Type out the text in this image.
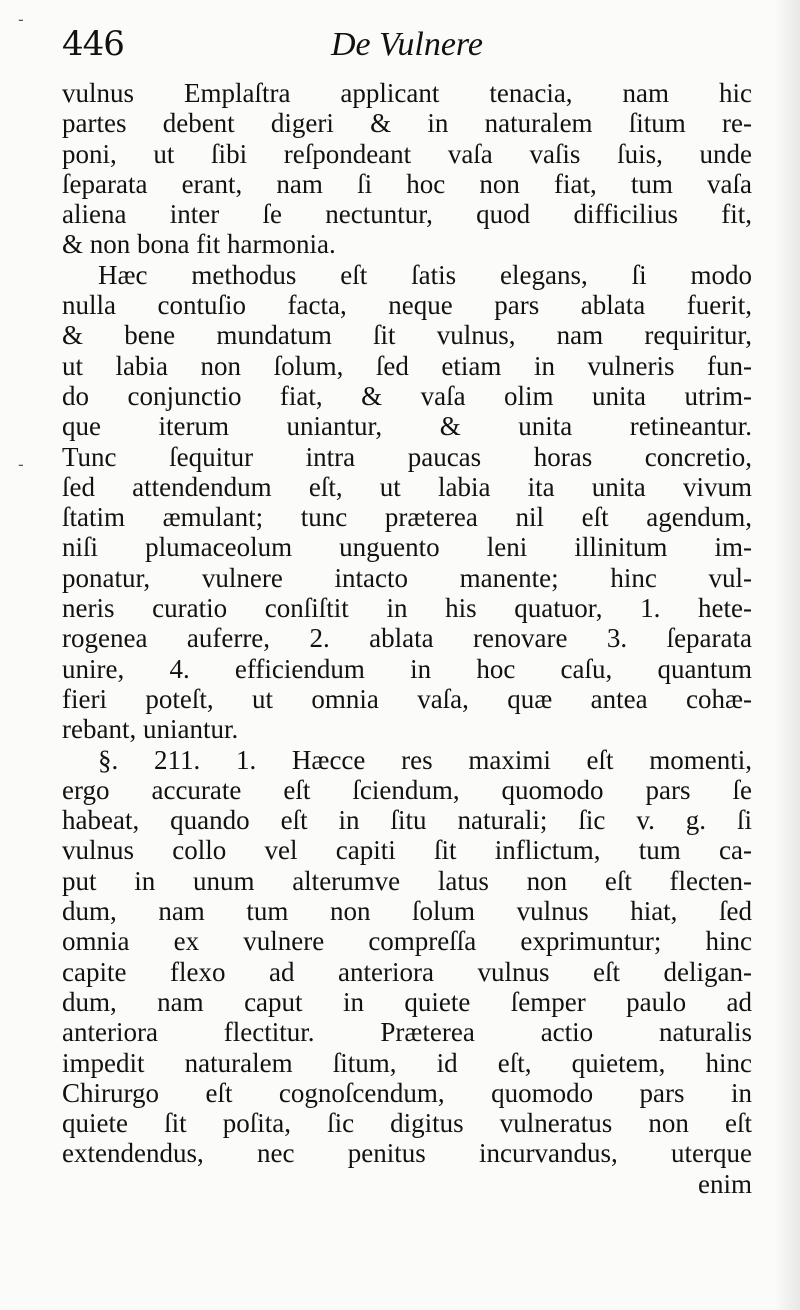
446	De Vulnere
vulnus Emplaſtra applicant tenacia, nam hic
partes debent digeri & in naturalem ſitum re-
poni, ut ſibi reſpondeant vaſa vaſis ſuis, unde
ſeparata erant, nam ſi hoc non fiat, tum vaſa
aliena inter ſe nectuntur, quod difficilius fit,
& non bona fit harmonia.
Hæc methodus eſt ſatis elegans, ſi modo
nulla contuſio facta, neque pars ablata fuerit,
& bene mundatum ſit vulnus, nam requiritur,
ut labia non ſolum, ſed etiam in vulneris fun-
do conjunctio fiat, & vaſa olim unita utrim-
que iterum uniantur, & unita retineantur.
Tunc ſequitur intra paucas horas concretio,
ſed attendendum eſt, ut labia ita unita vivum
ſtatim æmulant; tunc præterea nil eſt agendum,
niſi plumaceolum unguento leni illinitum im-
ponatur, vulnere intacto manente; hinc vul-
neris curatio conſiſtit in his quatuor, 1. hete-
rogenea auferre, 2. ablata renovare 3. ſeparata
unire, 4. efficiendum in hoc caſu, quantum
fieri poteſt, ut omnia vaſa, quæ antea cohæ-
rebant, uniantur.
§. 211. 1. Hæcce res maximi eſt momenti,
ergo accurate eſt ſciendum, quomodo pars ſe
habeat, quando eſt in ſitu naturali; ſic v. g. ſi
vulnus collo vel capiti ſit inflictum, tum ca-
put in unum alterumve latus non eſt flecten-
dum, nam tum non ſolum vulnus hiat, ſed
omnia ex vulnere compreſſa exprimuntur; hinc
capite flexo ad anteriora vulnus eſt deligan-
dum, nam caput in quiete ſemper paulo ad
anteriora flectitur. Præterea actio naturalis
impedit naturalem ſitum, id eſt, quietem, hinc
Chirurgo eſt cognoſcendum, quomodo pars in
quiete ſit poſita, ſic digitus vulneratus non eſt
extendendus, nec penitus incurvandus, uterque
enim
-
-
